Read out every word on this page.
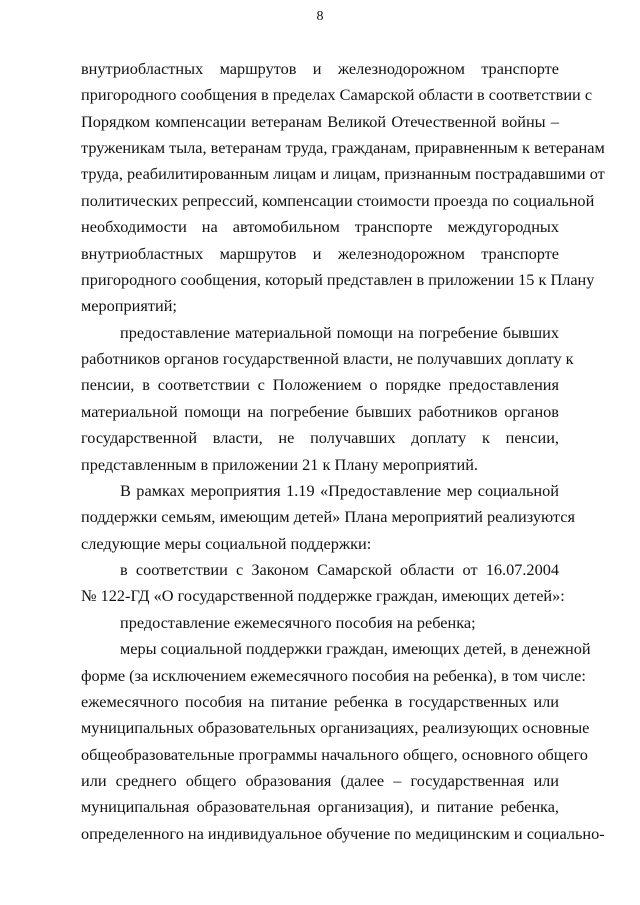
8
внутриобластных маршрутов и железнодорожном транспорте
пригородного сообщения в пределах Самарской области в соответствии с
Порядком компенсации ветеранам Великой Отечественной войны –
труженикам тыла, ветеранам труда, гражданам, приравненным к ветеранам
труда, реабилитированным лицам и лицам, признанным пострадавшими от
политических репрессий, компенсации стоимости проезда по социальной
необходимости на автомобильном транспорте междугородных
внутриобластных маршрутов и железнодорожном транспорте
пригородного сообщения, который представлен в приложении 15 к Плану
мероприятий;
предоставление материальной помощи на погребение бывших
работников органов государственной власти, не получавших доплату к
пенсии, в соответствии с Положением о порядке предоставления
материальной помощи на погребение бывших работников органов
государственной власти, не получавших доплату к пенсии,
представленным в приложении 21 к Плану мероприятий.
В рамках мероприятия 1.19 «Предоставление мер социальной
поддержки семьям, имеющим детей» Плана мероприятий реализуются
следующие меры социальной поддержки:
в соответствии с Законом Самарской области от 16.07.2004
№ 122-ГД «О государственной поддержке граждан, имеющих детей»:
предоставление ежемесячного пособия на ребенка;
меры социальной поддержки граждан, имеющих детей, в денежной
форме (за исключением ежемесячного пособия на ребенка), в том числе:
ежемесячного пособия на питание ребенка в государственных или
муниципальных образовательных организациях, реализующих основные
общеобразовательные программы начального общего, основного общего
или среднего общего образования (далее – государственная или
муниципальная образовательная организация), и питание ребенка,
определенного на индивидуальное обучение по медицинским и социально-
